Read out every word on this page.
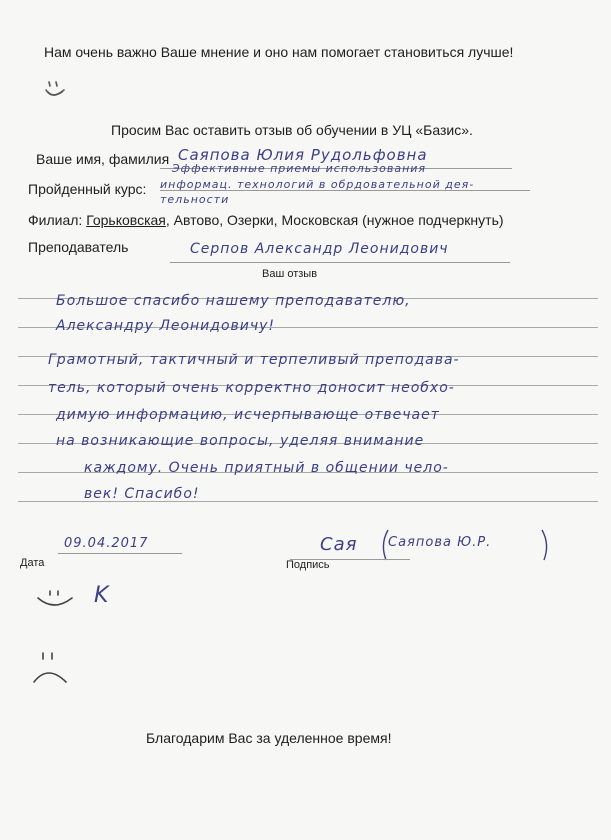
Нам очень важно Ваше мнение и оно нам помогает становиться лучше!
Просим Вас оставить отзыв об обучении в УЦ «Базис».
Ваше имя, фамилия Саяпова Юлия Рудольфовна
Пройденный курс:
Эффективные приемы использования
информац. технологий в обрдовательной дея-
тельности
Филиал: Горьковская, Автово, Озерки, Московская (нужное подчеркнуть)
Преподаватель	Серпов Александр Леонидович
Ваш отзыв
Большое спасибо нашему преподавателю,
Александру Леонидовичу!
Грамотный, тактичный и терпеливый преподава-
тель, который очень корректно доносит необхо-
димую информацию, исчерпывающе отвечает
на возникающие вопросы, уделяя внимание
каждому. Очень приятный в общении чело-
век! Спасибо!
09.04.2017
Дата
Сая Саяпова Ю.Р.
Подпись
K
Благодарим Вас за уделенное время!
